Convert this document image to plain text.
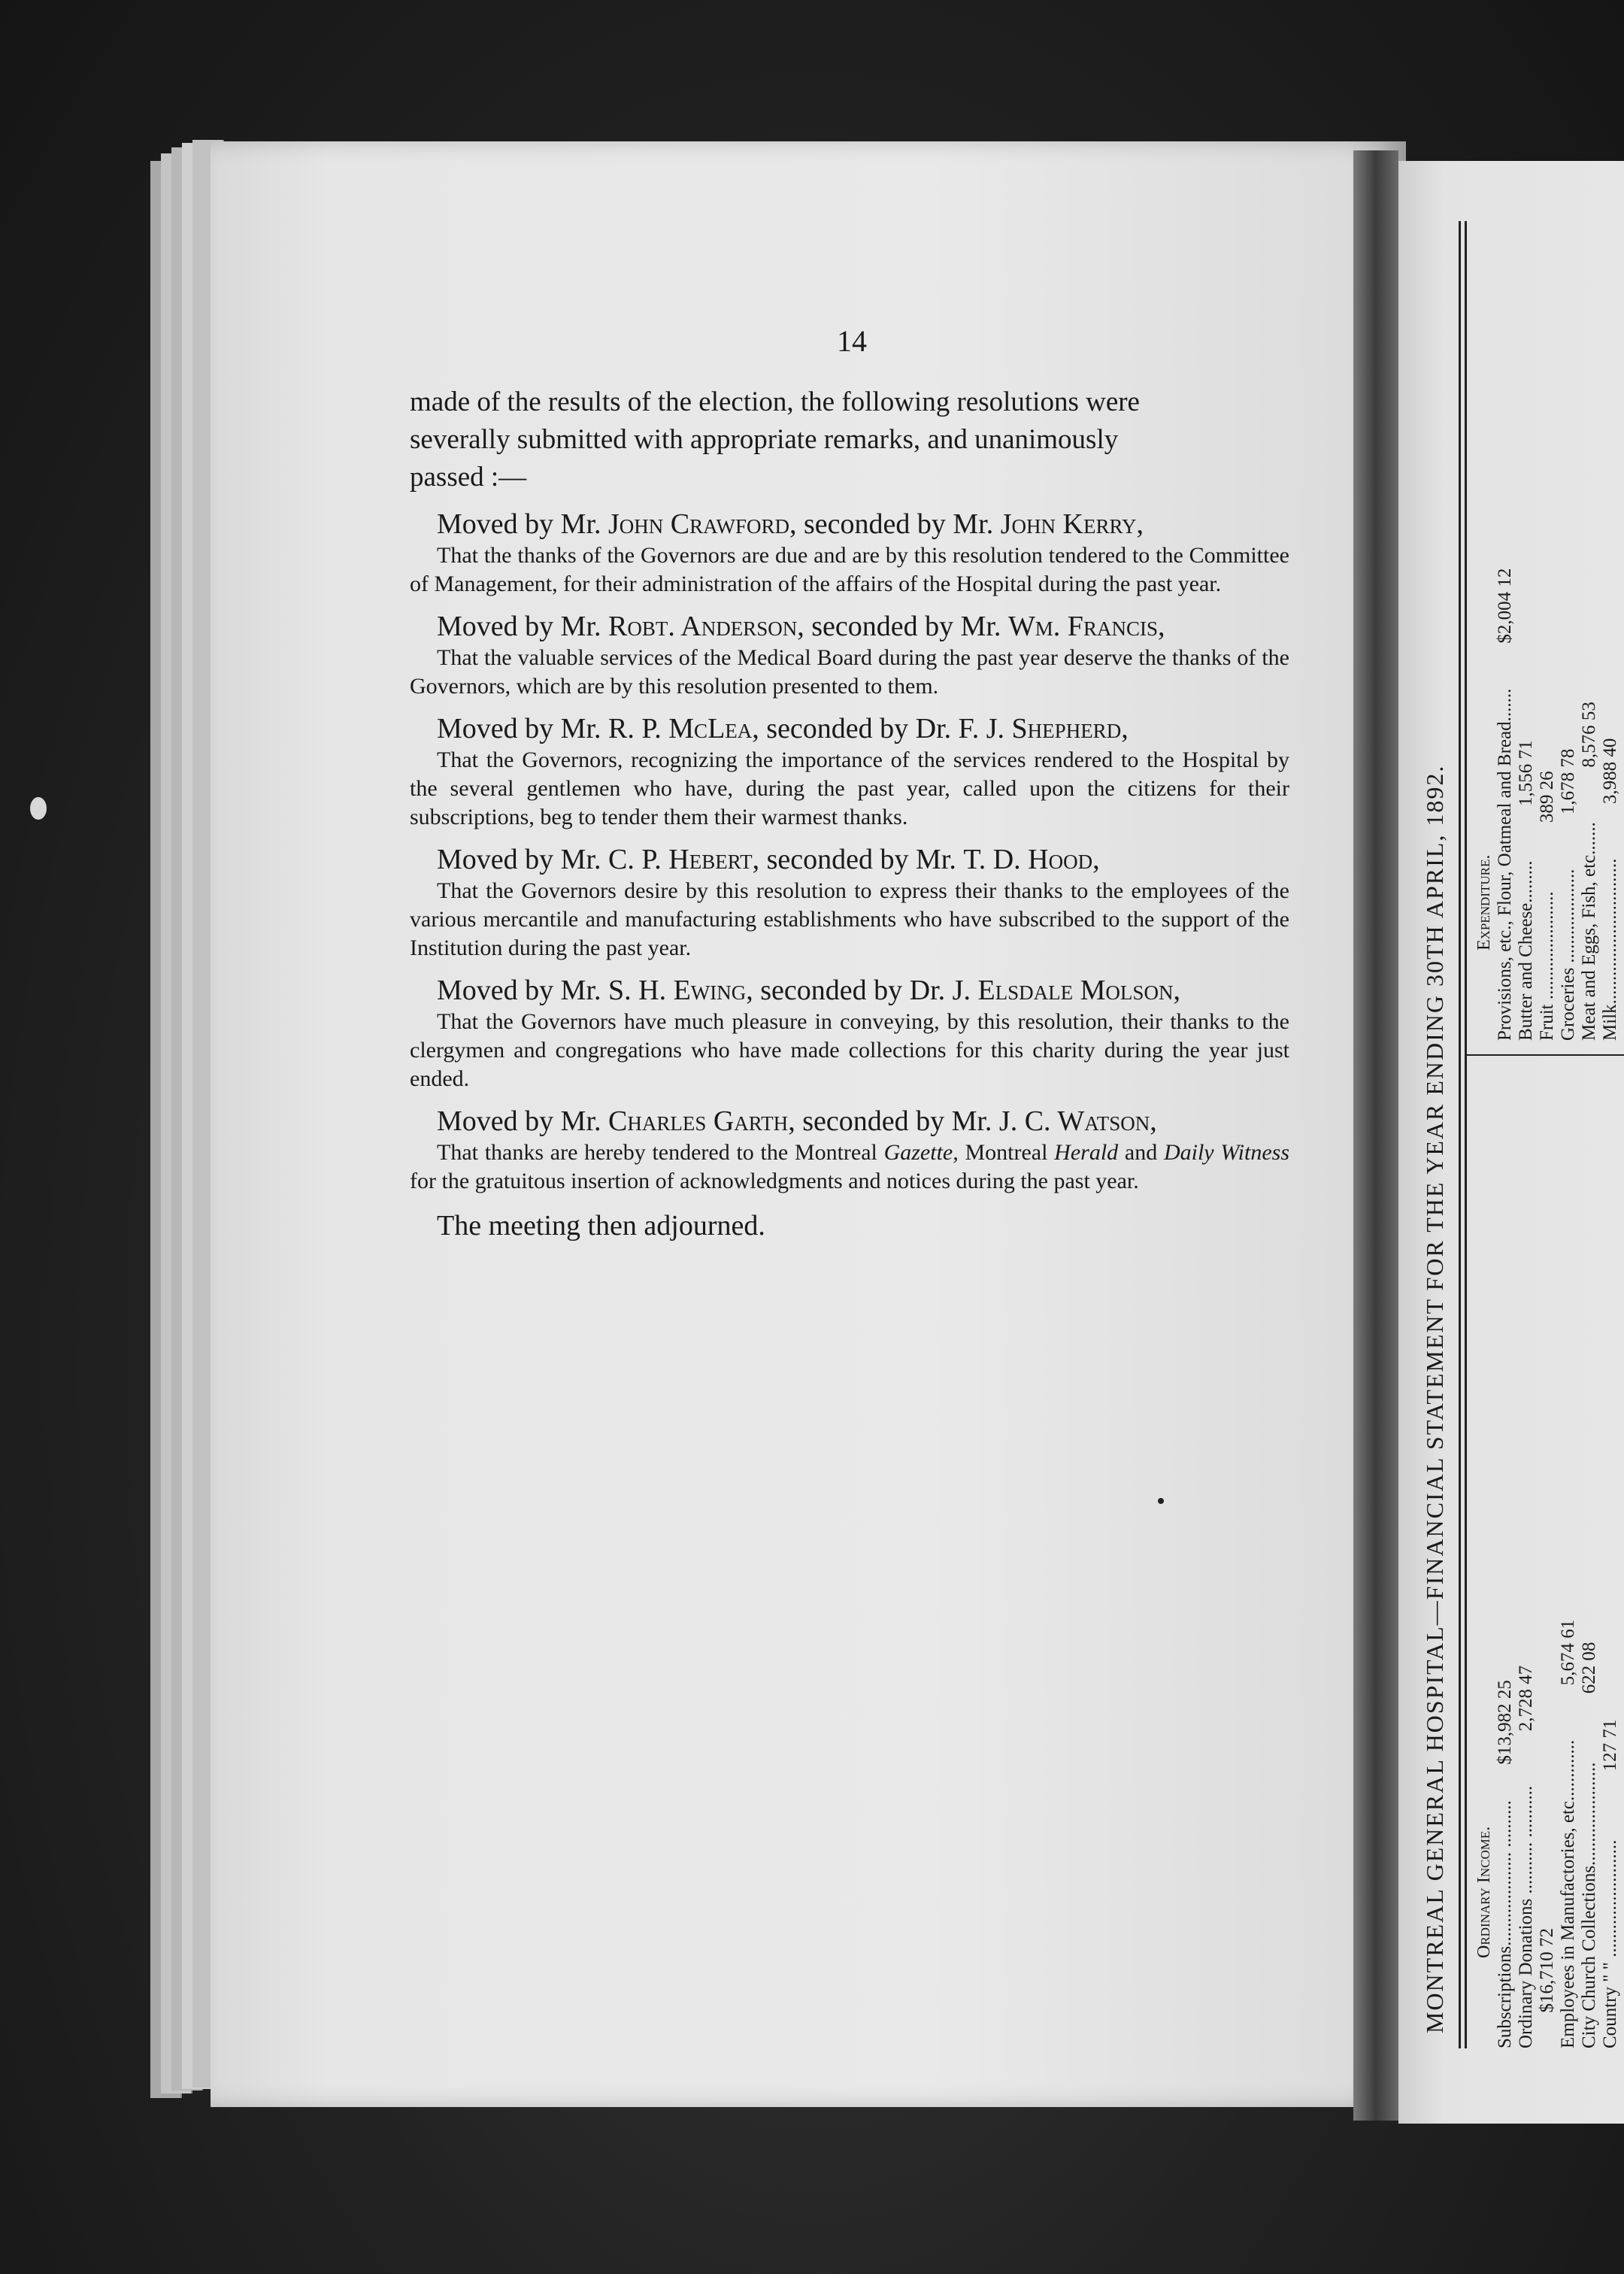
14

made of the results of the election, the following resolutions were
severally submitted with appropriate remarks, and unanimously
passed :—

Moved by Mr. John Crawford, seconded by Mr. John Kerry,

That the thanks of the Governors are due and are by this resolution tendered to the Committee of Management, for their administration of the affairs of the Hospital during the past year.

Moved by Mr. Robt. Anderson, seconded by Mr. Wm. Francis,

That the valuable services of the Medical Board during the past year deserve the thanks of the Governors, which are by this resolution presented to them.

Moved by Mr. R. P. McLea, seconded by Dr. F. J. Shepherd,

That the Governors, recognizing the importance of the services rendered to the Hospital by the several gentlemen who have, during the past year, called upon the citizens for their subscriptions, beg to tender them their warmest thanks.

Moved by Mr. C. P. Hebert, seconded by Mr. T. D. Hood,

That the Governors desire by this resolution to express their thanks to the employees of the various mercantile and manufacturing establishments who have subscribed to the support of the Institution during the past year.

Moved by Mr. S. H. Ewing, seconded by Dr. J. Elsdale Molson,

That the Governors have much pleasure in conveying, by this resolution, their thanks to the clergymen and congregations who have made collections for this charity during the year just ended.

Moved by Mr. Charles Garth, seconded by Mr. J. C. Watson,

That thanks are hereby tendered to the Montreal Gazette, Montreal Herald and Daily Witness for the gratuitous insertion of acknowledgments and notices during the past year.

The meeting then adjourned.	MONTREAL GENERAL HOSPITAL—FINANCIAL STATEMENT FOR THE YEAR ENDING 30TH APRIL, 1892. Ordinary Income. Subscriptions.................... ..........$13,982 25
Ordinary Donations ........... ...........2,728 47
$16,710 72 Employees in Manufactories, etc.............5,674 61
City Church Collections......................622 08
Country " " .........................127 71
Expenditure. Provisions, etc., Flour, Oatmeal and Bread.......$2,004 12
Butter and Cheese.........1,556 71
Fruit .......................389 26
Groceries ....................1,678 78
Meat and Eggs, Fish, etc.......8,576 53
Milk...............................3,988 40
